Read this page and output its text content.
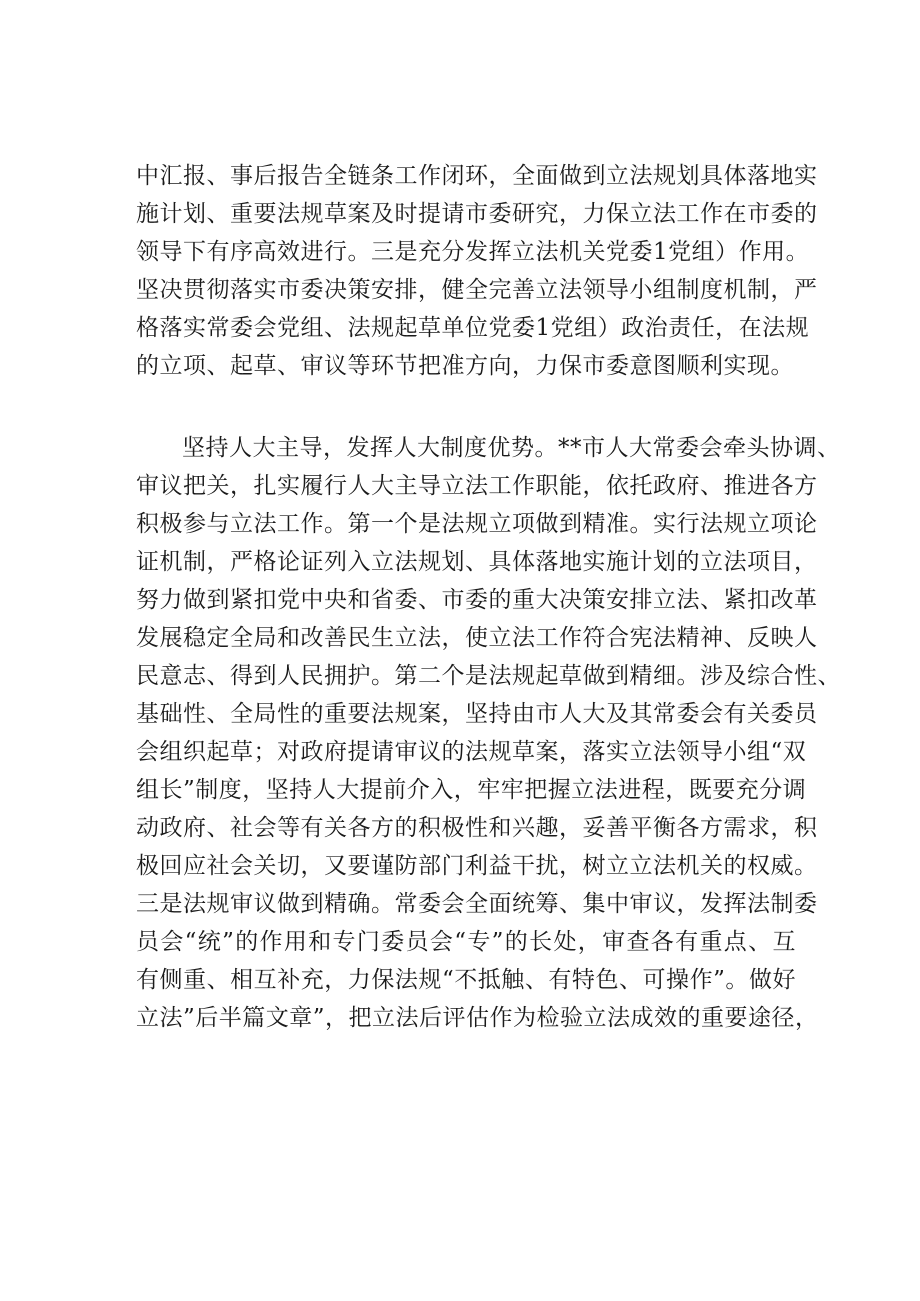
中汇报、事后报告全链条工作闭环，全面做到立法规划具体落地实
施计划、重要法规草案及时提请市委研究，力保立法工作在市委的
领导下有序高效进行。三是充分发挥立法机关党委1党组）作用。
坚决贯彻落实市委决策安排，健全完善立法领导小组制度机制，严
格落实常委会党组、法规起草单位党委1党组）政治责任，在法规
的立项、起草、审议等环节把准方向，力保市委意图顺利实现。
坚持人大主导，发挥人大制度优势。**市人大常委会牵头协调、
审议把关，扎实履行人大主导立法工作职能，依托政府、推进各方
积极参与立法工作。第一个是法规立项做到精准。实行法规立项论
证机制，严格论证列入立法规划、具体落地实施计划的立法项目，
努力做到紧扣党中央和省委、市委的重大决策安排立法、紧扣改革
发展稳定全局和改善民生立法，使立法工作符合宪法精神、反映人
民意志、得到人民拥护。第二个是法规起草做到精细。涉及综合性、
基础性、全局性的重要法规案，坚持由市人大及其常委会有关委员
会组织起草；对政府提请审议的法规草案，落实立法领导小组“双
组长”制度，坚持人大提前介入，牢牢把握立法进程，既要充分调
动政府、社会等有关各方的积极性和兴趣，妥善平衡各方需求，积
极回应社会关切，又要谨防部门利益干扰，树立立法机关的权威。
三是法规审议做到精确。常委会全面统筹、集中审议，发挥法制委
员会“统”的作用和专门委员会“专”的长处，审查各有重点、互
有侧重、相互补充，力保法规“不抵触、有特色、可操作”。做好
立法”后半篇文章”，把立法后评估作为检验立法成效的重要途径，
